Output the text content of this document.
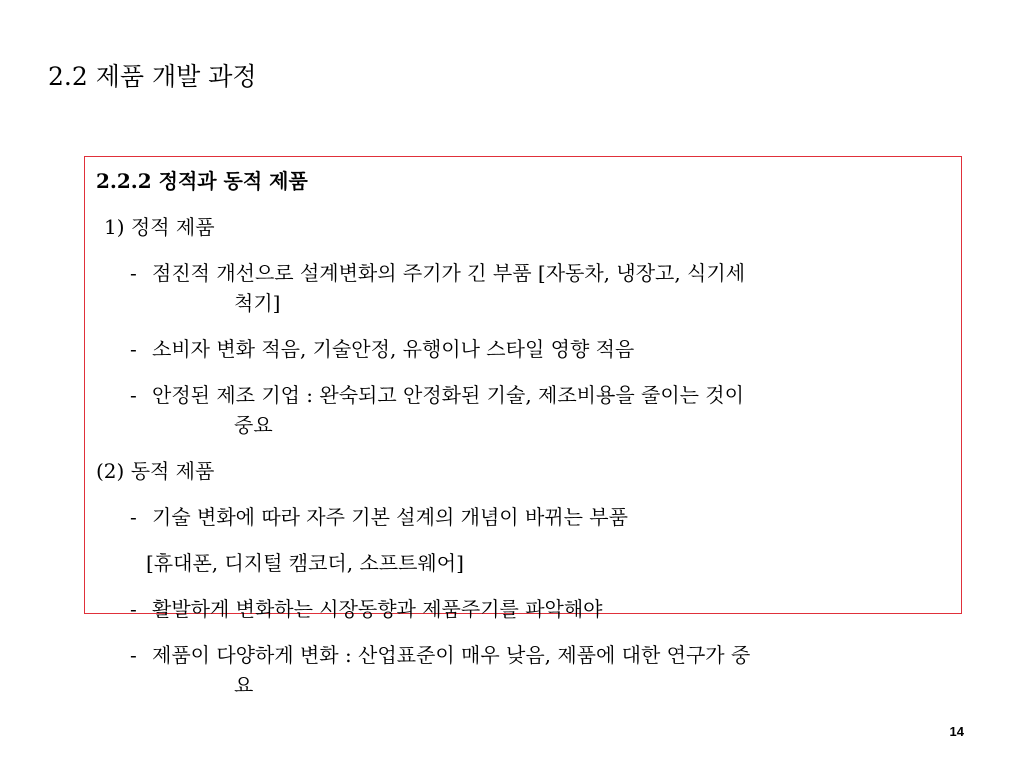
2.2 제품 개발 과정
2.2.2 정적과 동적 제품
1) 정적 제품
- 점진적 개선으로 설계변화의 주기가 긴 부품 [자동차, 냉장고, 식기세
척기]
- 소비자 변화 적음, 기술안정, 유행이나 스타일 영향 적음
- 안정된 제조 기업 : 완숙되고 안정화된 기술, 제조비용을 줄이는 것이
중요
(2) 동적 제품
- 기술 변화에 따라 자주 기본 설계의 개념이 바뀌는 부품
[휴대폰, 디지털 캠코더, 소프트웨어]
- 활발하게 변화하는 시장동향과 제품주기를 파악해야
- 제품이 다양하게 변화 : 산업표준이 매우 낮음, 제품에 대한 연구가 중
요
14
